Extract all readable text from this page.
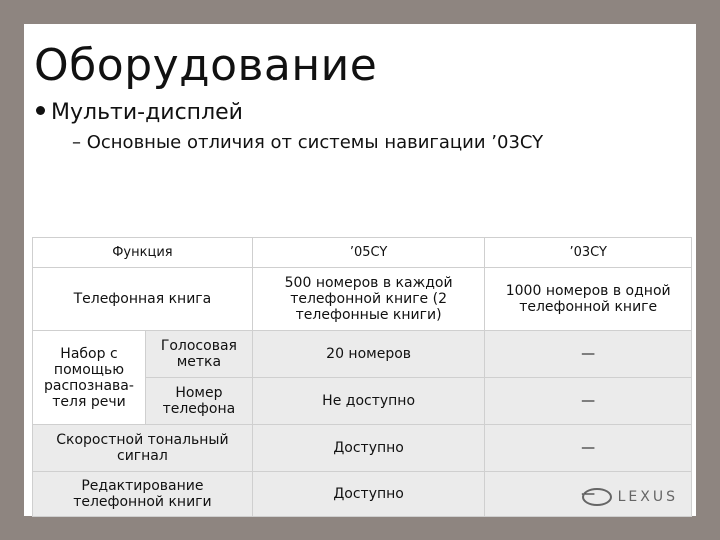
Оборудование
Мульти-дисплей
– Основные отличия от системы навигации ’03CY
Функция		’05CY	’03CY
Телефонная книга		500 номеров в каждой телефонной книге (2 телефонные книги)	1000 номеров в одной телефонной книге
Набор с помощью распознава-теля речи	Голосовая метка	20 номеров	—
	Номер телефона	Не доступно	—
Скоростной тональный сигнал		Доступно	—
Редактирование телефонной книги		Доступно	— LEXUS
